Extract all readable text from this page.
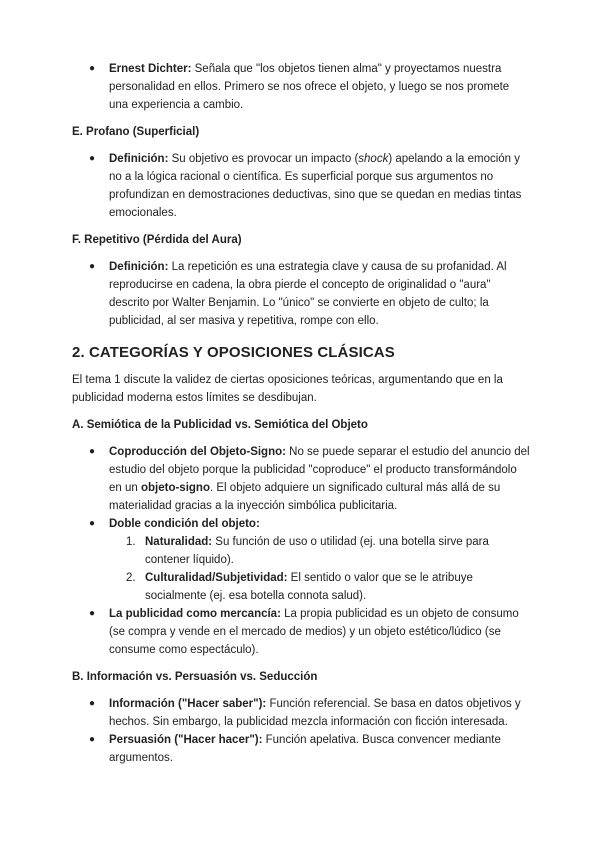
● Ernest Dichter: Señala que "los objetos tienen alma" y proyectamos nuestra personalidad en ellos. Primero se nos ofrece el objeto, y luego se nos promete una experiencia a cambio.

E. Profano (Superficial)

● Definición: Su objetivo es provocar un impacto (shock) apelando a la emoción y no a la lógica racional o científica. Es superficial porque sus argumentos no profundizan en demostraciones deductivas, sino que se quedan en medias tintas emocionales.

F. Repetitivo (Pérdida del Aura)

● Definición: La repetición es una estrategia clave y causa de su profanidad. Al reproducirse en cadena, la obra pierde el concepto de originalidad o "aura" descrito por Walter Benjamin. Lo "único" se convierte en objeto de culto; la publicidad, al ser masiva y repetitiva, rompe con ello.

2. CATEGORÍAS Y OPOSICIONES CLÁSICAS

El tema 1 discute la validez de ciertas oposiciones teóricas, argumentando que en la publicidad moderna estos límites se desdibujan.

A. Semiótica de la Publicidad vs. Semiótica del Objeto

● Coproducción del Objeto-Signo: No se puede separar el estudio del anuncio del estudio del objeto porque la publicidad "coproduce" el producto transformándolo en un objeto-signo. El objeto adquiere un significado cultural más allá de su materialidad gracias a la inyección simbólica publicitaria.

● Doble condición del objeto:

1. Naturalidad: Su función de uso o utilidad (ej. una botella sirve para contener líquido).

2. Culturalidad/Subjetividad: El sentido o valor que se le atribuye socialmente (ej. esa botella connota salud).

● La publicidad como mercancía: La propia publicidad es un objeto de consumo (se compra y vende en el mercado de medios) y un objeto estético/lúdico (se consume como espectáculo).

B. Información vs. Persuasión vs. Seducción

● Información ("Hacer saber"): Función referencial. Se basa en datos objetivos y hechos. Sin embargo, la publicidad mezcla información con ficción interesada.

● Persuasión ("Hacer hacer"): Función apelativa. Busca convencer mediante argumentos.
